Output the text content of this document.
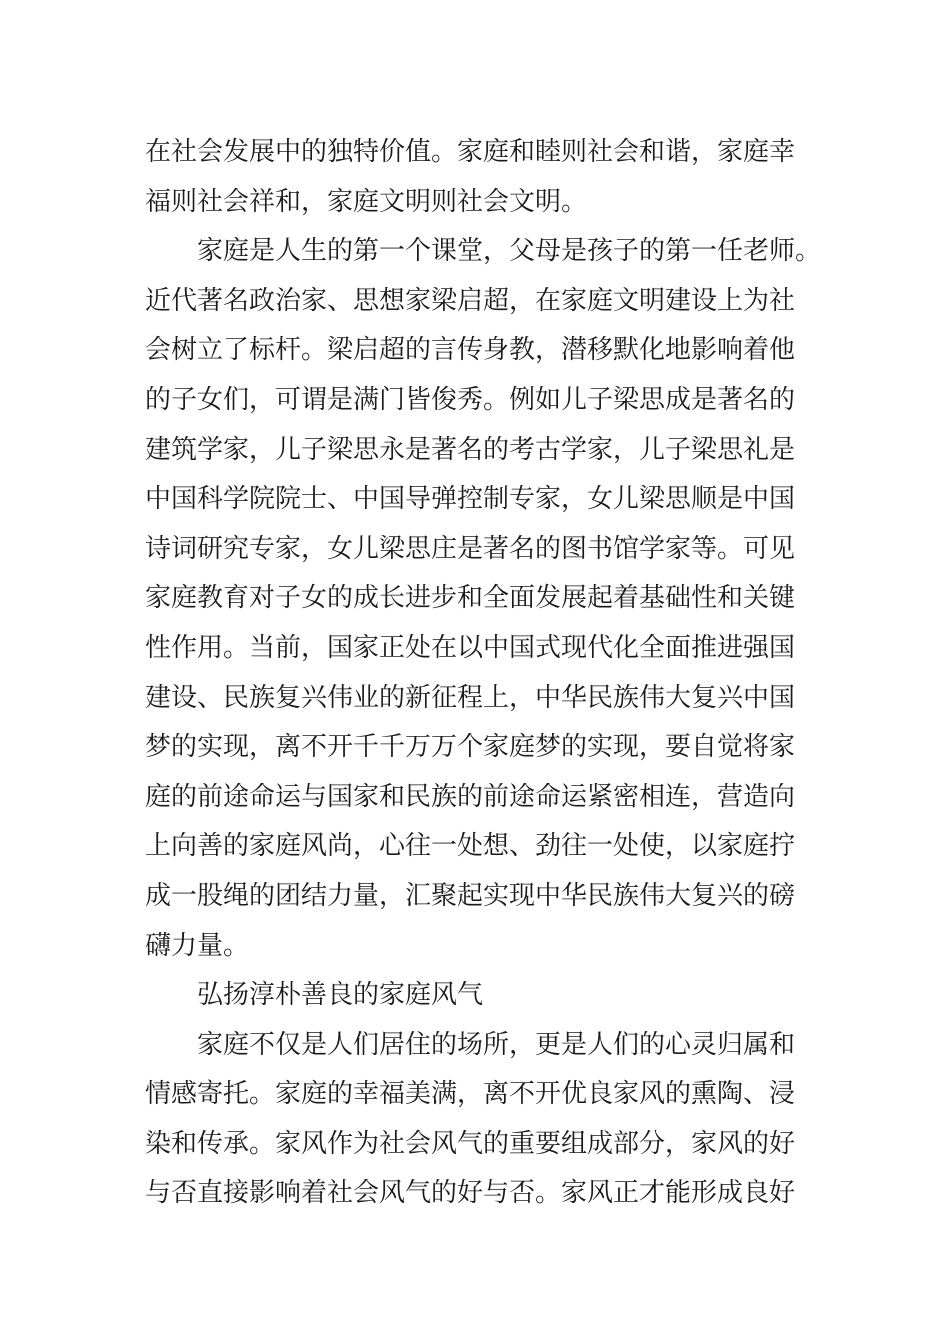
在社会发展中的独特价值。家庭和睦则社会和谐，家庭幸
福则社会祥和，家庭文明则社会文明。
家庭是人生的第一个课堂，父母是孩子的第一任老师。
近代著名政治家、思想家梁启超，在家庭文明建设上为社
会树立了标杆。梁启超的言传身教，潜移默化地影响着他
的子女们，可谓是满门皆俊秀。例如儿子梁思成是著名的
建筑学家，儿子梁思永是著名的考古学家，儿子梁思礼是
中国科学院院士、中国导弹控制专家，女儿梁思顺是中国
诗词研究专家，女儿梁思庄是著名的图书馆学家等。可见
家庭教育对子女的成长进步和全面发展起着基础性和关键
性作用。当前，国家正处在以中国式现代化全面推进强国
建设、民族复兴伟业的新征程上，中华民族伟大复兴中国
梦的实现，离不开千千万万个家庭梦的实现，要自觉将家
庭的前途命运与国家和民族的前途命运紧密相连，营造向
上向善的家庭风尚，心往一处想、劲往一处使，以家庭拧
成一股绳的团结力量，汇聚起实现中华民族伟大复兴的磅
礴力量。
弘扬淳朴善良的家庭风气
家庭不仅是人们居住的场所，更是人们的心灵归属和
情感寄托。家庭的幸福美满，离不开优良家风的熏陶、浸
染和传承。家风作为社会风气的重要组成部分，家风的好
与否直接影响着社会风气的好与否。家风正才能形成良好
